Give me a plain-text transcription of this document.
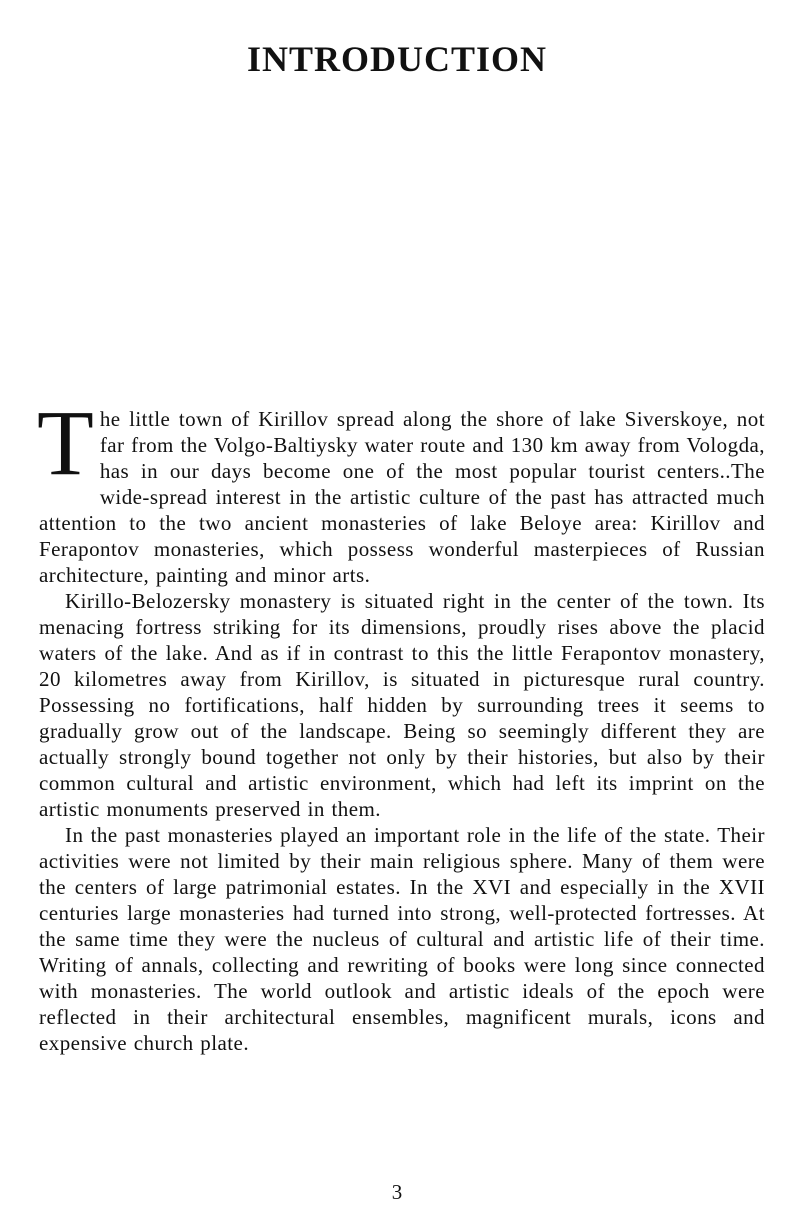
INTRODUCTION

The little town of Kirillov spread along the shore of lake Siverskoye, not far from the Volgo-Baltiysky water route and 130 km away from Vologda, has in our days become one of the most popular tourist centers..The wide-spread interest in the artistic culture of the past has attracted much attention to the two ancient monasteries of lake Beloye area: Kirillov and Ferapontov monasteries, which possess wonderful masterpieces of Russian architecture, painting and minor arts.

Kirillo-Belozersky monastery is situated right in the center of the town. Its menacing fortress striking for its dimensions, proudly rises above the placid waters of the lake. And as if in contrast to this the little Ferapontov monastery, 20 kilometres away from Kirillov, is situated in picturesque rural country. Possessing no fortifications, half hidden by surrounding trees it seems to gradually grow out of the landscape. Being so seemingly different they are actually strongly bound together not only by their histories, but also by their common cultural and artistic environment, which had left its imprint on the artistic monuments preserved in them.

In the past monasteries played an important role in the life of the state. Their activities were not limited by their main religious sphere. Many of them were the centers of large patrimonial estates. In the XVI and especially in the XVII centuries large monasteries had turned into strong, well-protected fortresses. At the same time they were the nucleus of cultural and artistic life of their time. Writing of annals, collecting and rewriting of books were long since connected with monasteries. The world outlook and artistic ideals of the epoch were reflected in their architectural ensembles, magnificent murals, icons and expensive church plate.

3
